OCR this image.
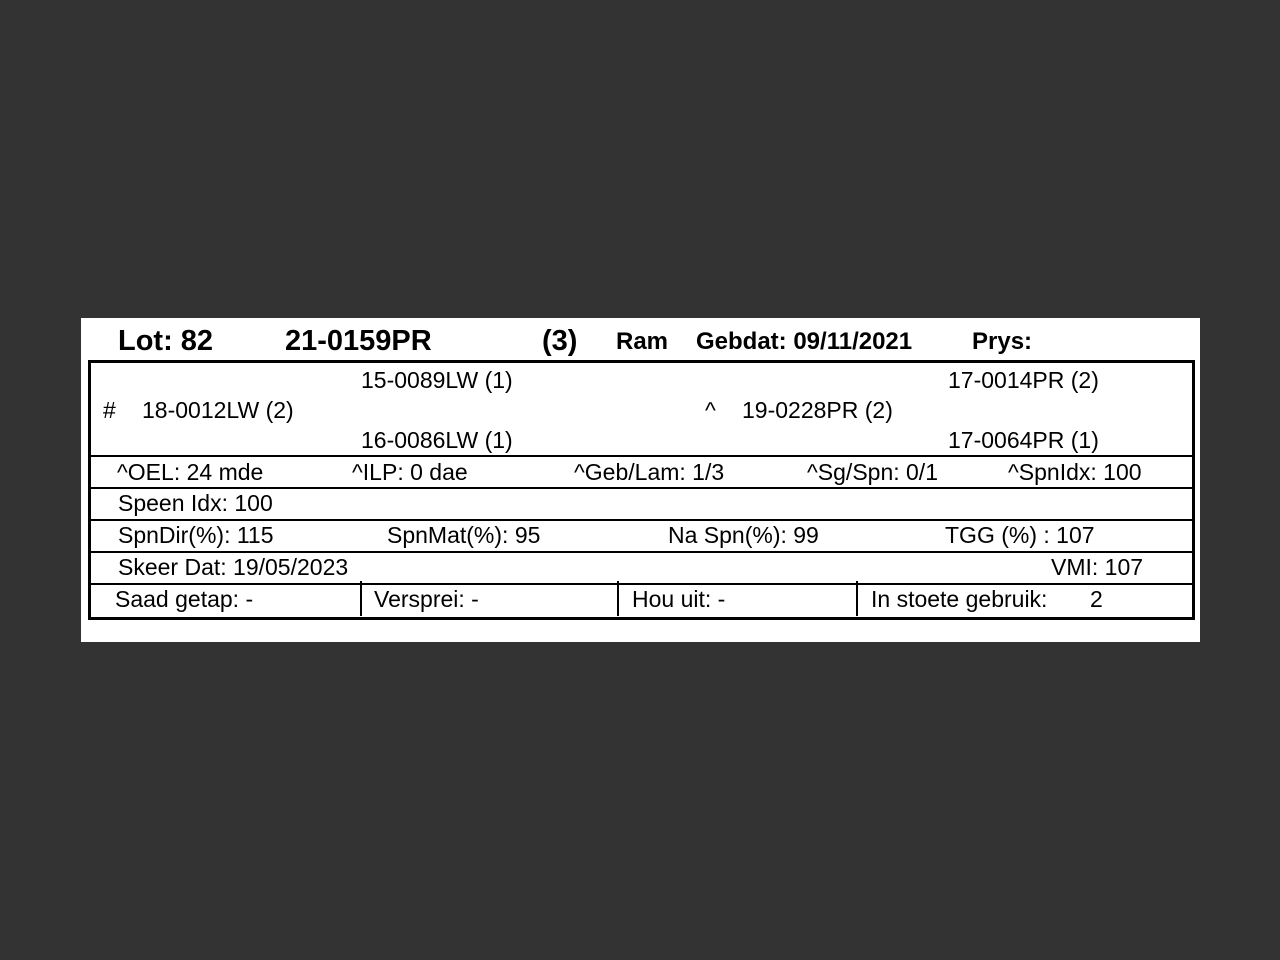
Lot: 82 21-0159PR	(3) Ram Gebdat: 09/11/2021 Prys:
15-0089LW (1)	17-0014PR (2)
# 18-0012LW (2)	^ 19-0228PR (2)
16-0086LW (1)	17-0064PR (1)
^OEL: 24 mde	^ILP: 0 dae	^Geb/Lam: 1/3	^Sg/Spn: 0/1	^SpnIdx: 100
Speen Idx: 100
SpnDir(%): 115	SpnMat(%): 95	Na Spn(%): 99	TGG (%) : 107
Skeer Dat: 19/05/2023	VMI: 107
Saad getap: -	Versprei: -	Hou uit: -	In stoete gebruik: 2
